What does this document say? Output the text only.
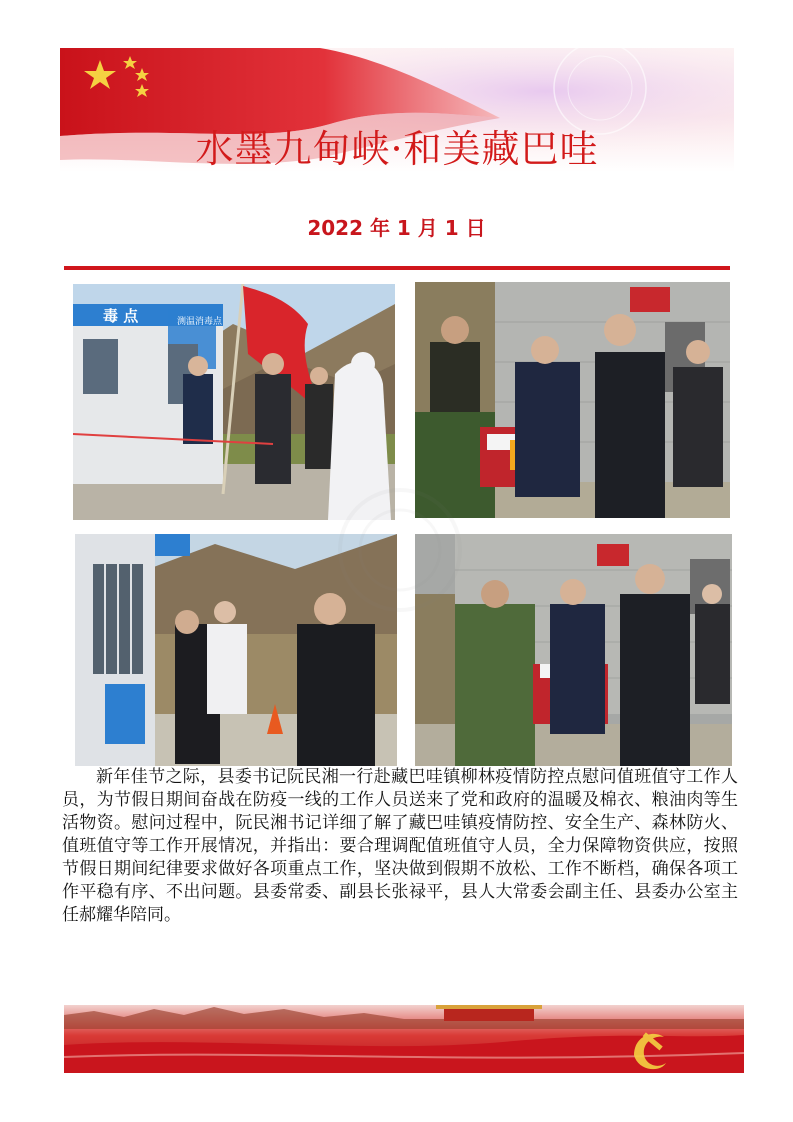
水墨九甸峡·和美藏巴哇
2022 年 1 月 1 日
毒 点	测温消毒点
新年佳节之际，县委书记阮民湘一行赴藏巴哇镇柳林疫情防控点慰问值班值守工作人员，为节假日期间奋战在防疫一线的工作人员送来了党和政府的温暖及棉衣、粮油肉等生活物资。慰问过程中，阮民湘书记详细了解了藏巴哇镇疫情防控、安全生产、森林防火、值班值守等工作开展情况，并指出：要合理调配值班值守人员，全力保障物资供应，按照节假日期间纪律要求做好各项重点工作，坚决做到假期不放松、工作不断档，确保各项工作平稳有序、不出问题。县委常委、副县长张禄平，县人大常委会副主任、县委办公室主任郝耀华陪同。
